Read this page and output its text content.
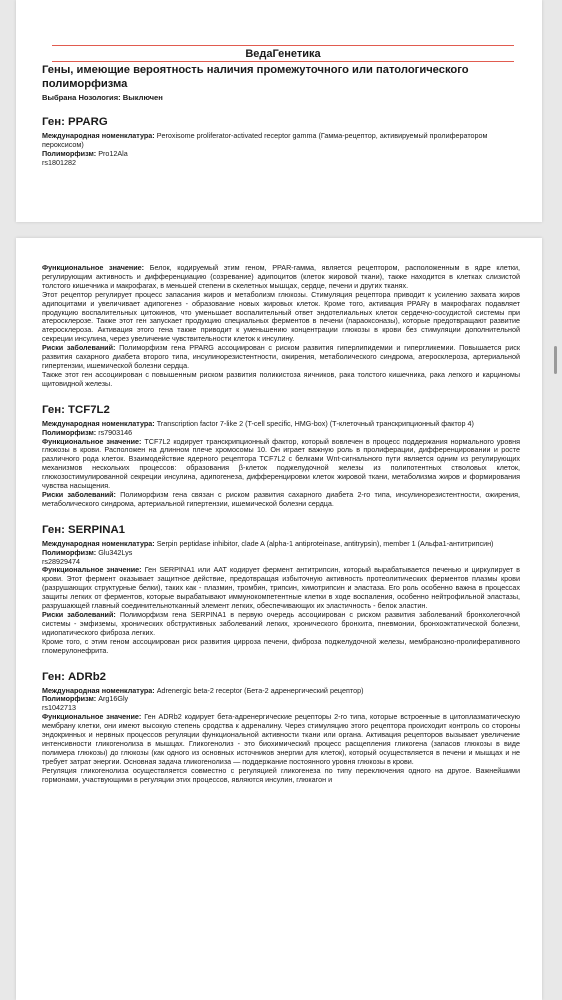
ВедаГенетика
Гены, имеющие вероятность наличия промежуточного или патологического полиморфизма
Выбрана Нозология: Выключен
Ген: PPARG

Международная номенклатура: Peroxisome proliferator-activated receptor gamma (Гамма-рецептор, активируемый пролифератором пероксисом)

Полиморфизм: Pro12Ala

rs1801282

Функциональное значение: Белок, кодируемый этим геном, PPAR-гамма, является рецептором, расположенным в ядре клетки, регулирующим активность и дифференциацию (созревание) адипоцитов (клеток жировой ткани), также находится в клетках слизистой толстого кишечника и макрофагах, в меньшей степени в скелетных мышцах, сердце, печени и других тканях.

Этот рецептор регулирует процесс запасания жиров и метаболизм глюкозы. Стимуляция рецептора приводит к усилению захвата жиров адипоцитами и увеличивает адипогенез - образование новых жировых клеток. Кроме того, активация PPARγ в макрофагах подавляет продукцию воспалительных цитокинов, что уменьшает воспалительный ответ эндотелиальных клеток сердечно-сосудистой системы при атеросклерозе. Также этот ген запускает продукцию специальных ферментов в печени (параоксоназы), которые предотвращают развитие атеросклероза. Активация этого гена также приводит к уменьшению концентрации глюкозы в крови без стимуляции дополнительной секреции инсулина, через увеличение чувствительности клеток к инсулину.

Риски заболеваний: Полиморфизм гена PPARG ассоциирован с риском развития гиперлипидемии и гипергликемии. Повышается риск развития сахарного диабета второго типа, инсулинорезистентности, ожирения, метаболического синдрома, атеросклероза, артериальной гипертензии, ишемической болезни сердца.

Также этот ген ассоциирован с повышенным риском развития поликистоза яичников, рака толстого кишечника, рака легкого и карциномы щитовидной железы.

Ген: TCF7L2

Международная номенклатура: Transcription factor 7-like 2 (T-cell specific, HMG-box) (Т-клеточный транскрипционный фактор 4)

Полиморфизм: rs7903146

Функциональное значение: TCF7L2 кодирует транскрипционный фактор, который вовлечен в процесс поддержания нормального уровня глюкозы в крови. Расположен на длинном плече хромосомы 10. Он играет важную роль в пролиферации, дифференцировании и росте различного рода клеток. Взаимодействие ядерного рецептора TCF7L2 с белками Wnt-сигнального пути является одним из регулирующих механизмов нескольких процессов: образования β-клеток поджелудочной железы из полипотентных стволовых клеток, глюкозостимулированной секреции инсулина, адипогенеза, дифференцировки клеток жировой ткани, метаболизма жиров и формирования чувства насыщения.

Риски заболеваний: Полиморфизм гена связан с риском развития сахарного диабета 2-го типа, инсулинорезистентности, ожирения, метаболического синдрома, артериальной гипертензии, ишемической болезни сердца.

Ген: SERPINA1

Международная номенклатура: Serpin peptidase inhibitor, clade A (alpha-1 antiproteinase, antitrypsin), member 1 (Альфа1-антитрипсин)

Полиморфизм: Glu342Lys

rs28929474

Функциональное значение: Ген SERPINA1 или ААТ кодирует фермент антитрипсин, который вырабатывается печенью и циркулирует в крови. Этот фермент оказывает защитное действие, предотвращая избыточную активность протеолитических ферментов плазмы крови (разрушающих структурные белки), таких как - плазмин, тромбин, трипсин, химотрипсин и эластаза. Его роль особенно важна в процессах защиты легких от ферментов, которые вырабатывают иммунокомпетентные клетки в ходе воспаления, особенно нейтрофильной эластазы, разрушающей главный соединительнотканный элемент легких, обеспечивающих их эластичность - белок эластин.

Риски заболеваний: Полиморфизм гена SERPINA1 в первую очередь ассоциирован с риском развития заболеваний бронхолегочной системы - эмфиземы, хронических обструктивных заболеваний легких, хронического бронхита, пневмонии, бронхоэктатической болезни, идиопатического фиброза легких.

Кроме того, с этим геном ассоциирован риск развития цирроза печени, фиброза поджелудочной железы, мембранозно-пролиферативного гломерулонефрита.

Ген: ADRb2

Международная номенклатура: Adrenergic beta-2 receptor (Бета-2 адренергический рецептор)

Полиморфизм: Arg16Gly

rs1042713

Функциональное значение: Ген ADRb2 кодирует бета-адренергические рецепторы 2-го типа, которые встроенные в цитоплазматическую мембрану клетки, они имеют высокую степень сродства к адреналину. Через стимуляцию этого рецептора происходит контроль со стороны эндокринных и нервных процессов регуляции функциональной активности ткани или органа. Активация рецепторов вызывает увеличение интенсивности гликогенолиза в мышцах. Гликогенолиз - это биохимический процесс расщепления гликогена (запасов глюкозы в виде полимера глюкозы) до глюкозы (как одного из основных источников энергии для клеток), который осуществляется в печени и мышцах и не требует затрат энергии. Основная задача гликогенолиза — поддержание постоянного уровня глюкозы в крови.

Регуляция гликогенолиза осуществляется совместно с регуляцией гликогенеза по типу переключения одного на другое. Важнейшими гормонами, участвующими в регуляции этих процессов, являются инсулин, глюкагон и
